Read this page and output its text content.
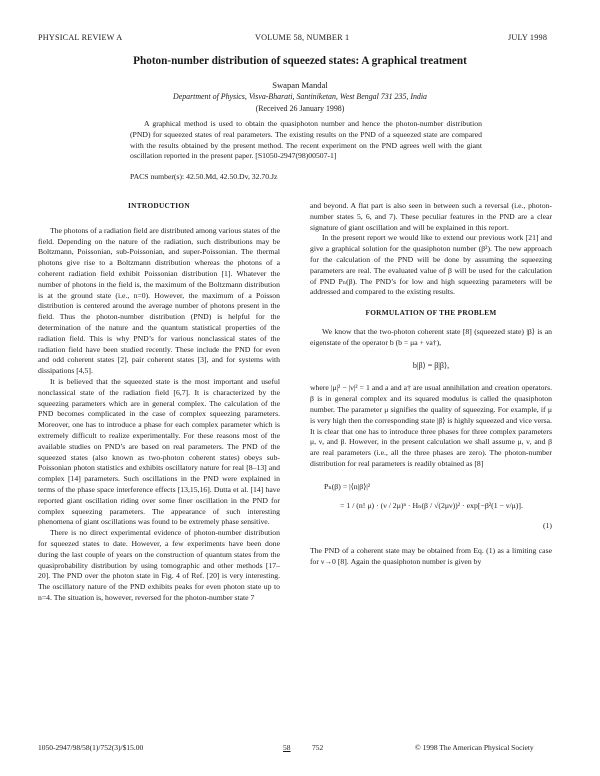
PHYSICAL REVIEW A	VOLUME 58, NUMBER 1	JULY 1998
Photon-number distribution of squeezed states: A graphical treatment
Swapan Mandal
Department of Physics, Visva-Bharati, Santiniketan, West Bengal 731 235, India
(Received 26 January 1998)

A graphical method is used to obtain the quasiphoton number and hence the photon-number distribution (PND) for squeezed states of real parameters. The existing results on the PND of a squeezed state are compared with the results obtained by the present method. The recent experiment on the PND agrees well with the giant oscillation reported in the present paper. [S1050-2947(98)00507-1]

PACS number(s): 42.50.Md, 42.50.Dv, 32.70.Jz
INTRODUCTION

The photons of a radiation field are distributed among various states of the field. Depending on the nature of the radiation, such distributions may be Boltzmann, Poissonian, sub-Poissonian, and super-Poissonian. The thermal photons give rise to a Boltzmann distribution whereas the photons of a coherent radiation field exhibit Poissonian distribution [1]. Whatever the number of photons in the field is, the maximum of the Boltzmann distribution is at the ground state (i.e., n=0). However, the maximum of a Poisson distribution is centered around the average number of photons present in the field. Thus the photon-number distribution (PND) is helpful for the determination of the nature and the quantum statistical properties of the radiation field. This is why PND’s for various nonclassical states of the radiation field have been studied recently. These include the PND for even and odd coherent states [2], pair coherent states [3], and for systems with dissipations [4,5].

It is believed that the squeezed state is the most important and useful nonclassical state of the radiation field [6,7]. It is characterized by the squeezing parameters which are in general complex. The calculation of the PND becomes complicated in the case of complex squeezing parameters. Moreover, one has to introduce a phase for each complex parameter which is extremely difficult to realize experimentally. For these reasons most of the available studies on PND’s are based on real parameters. The PND of the squeezed states (also known as two-photon coherent states) obeys sub-Poissonian photon statistics and exhibits oscillatory nature for real [8–13] and complex [14] parameters. Such oscillations in the PND were explained in terms of the phase space interference effects [13,15,16]. Dutta et al. [14] have reported giant oscillation riding over some finer oscillation in the PND for complex squeezing parameters. The appearance of such interesting phenomena of giant oscillations was found to be extremely phase sensitive.

There is no direct experimental evidence of photon-number distribution for squeezed states to date. However, a few experiments have been done during the last couple of years on the construction of quantum states from the quasiprobability distribution by using tomographic and other methods [17–20]. The PND over the photon state in Fig. 4 of Ref. [20] is very interesting. The oscillatory nature of the PND exhibits peaks for even photon state up to n=4. The situation is, however, reversed for the photon-number state 7

and beyond. A flat part is also seen in between such a reversal (i.e., photon-number states 5, 6, and 7). These peculiar features in the PND are a clear signature of giant oscillation and will be explained in this report.

In the present report we would like to extend our previous work [21] and give a graphical solution for the quasiphoton number (β²). The new approach for the calculation of the PND will be done by assuming the squeezing parameters are real. The evaluated value of β will be used for the calculation of PND Pₙ(β). The PND’s for low and high squeezing parameters will be addressed and compared to the existing results.

FORMULATION OF THE PROBLEM

We know that the two-photon coherent state [8] (squeezed state) |β⟩ is an eigenstate of the operator b (b = μa + νa†),

b|β⟩ = β|β⟩,

where |μ|² − |ν|² = 1 and a and a† are usual annihilation and creation operators. β is in general complex and its squared modulus is called the quasiphoton number. The parameter μ signifies the quality of squeezing. For example, if μ is very high then the corresponding state |β⟩ is highly squeezed and vice versa. It is clear that one has to introduce three phases for three complex parameters μ, ν, and β. However, in the present calculation we shall assume μ, ν, and β are real parameters (i.e., all the three phases are zero). The photon-number distribution for real parameters is readily obtained as [8]

Pₙ(β) = |⟨n|β⟩|²
= 1 / (n! μ) · (ν / 2μ)ⁿ · Hₙ(β / √(2μν))² · exp[−β²(1 − ν/μ)].
(1)

The PND of a coherent state may be obtained from Eq. (1) as a limiting case for ν→0 [8]. Again the quasiphoton number is given by

1050-2947/98/58(1)/752(3)/$15.00	58	752	© 1998 The American Physical Society
